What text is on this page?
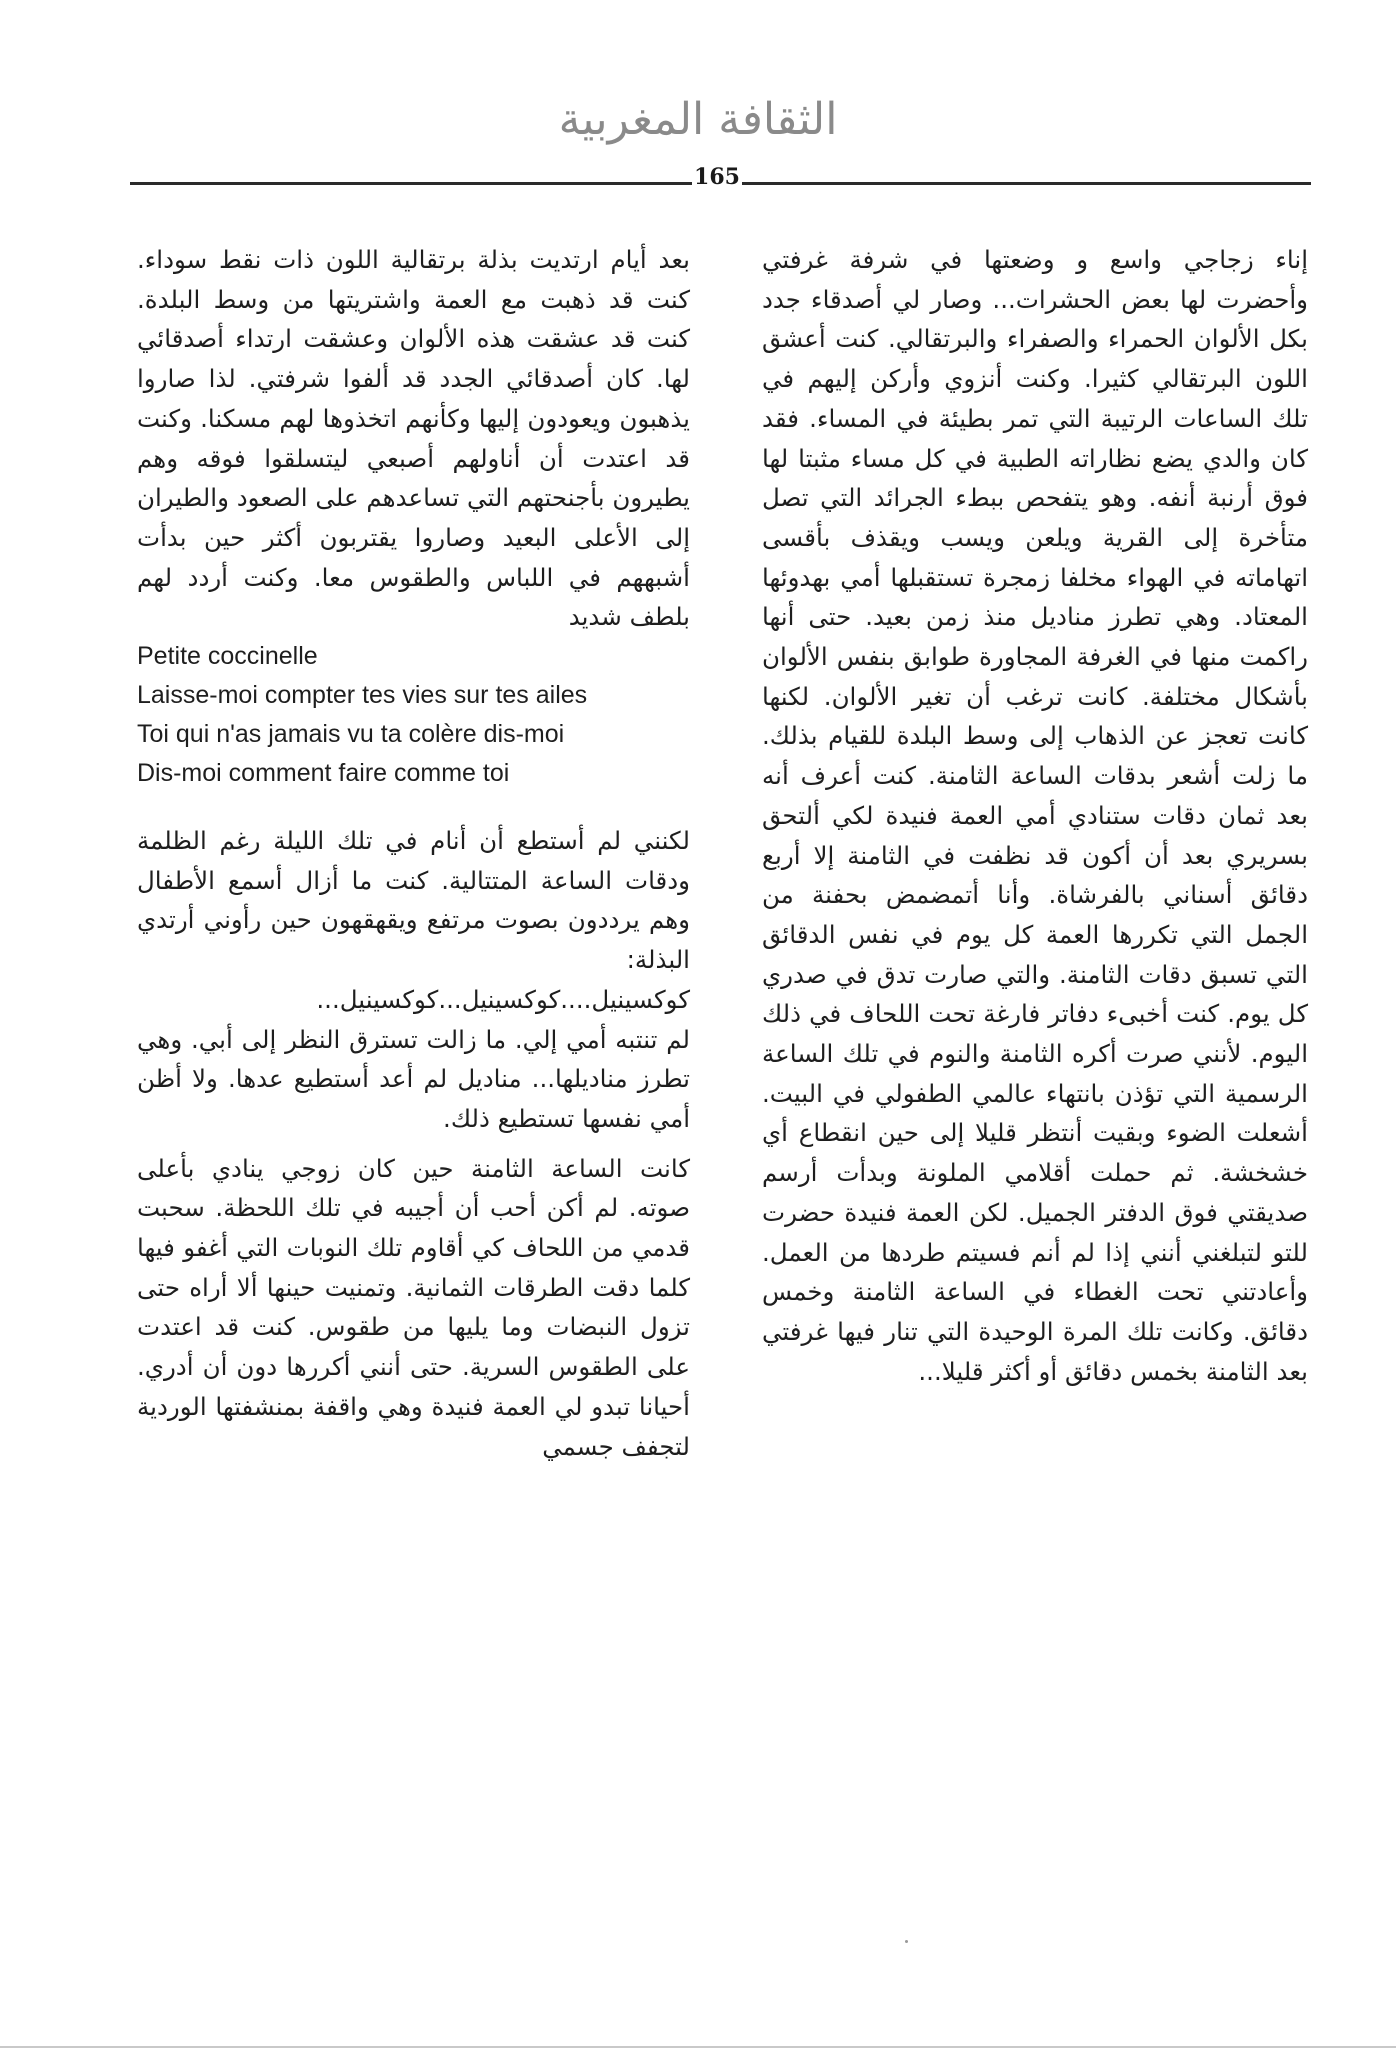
الثقافة المغربية
165

إناء زجاجي واسع و وضعتها في شرفة غرفتي وأحضرت لها بعض الحشرات... وصار لي أصدقاء جدد بكل الألوان الحمراء والصفراء والبرتقالي. كنت أعشق اللون البرتقالي كثيرا. وكنت أنزوي وأركن إليهم في تلك الساعات الرتيبة التي تمر بطيئة في المساء. فقد كان والدي يضع نظاراته الطبية في كل مساء مثبتا لها فوق أرنبة أنفه. وهو يتفحص ببطء الجرائد التي تصل متأخرة إلى القرية ويلعن ويسب ويقذف بأقسى اتهاماته في الهواء مخلفا زمجرة تستقبلها أمي بهدوئها المعتاد. وهي تطرز مناديل منذ زمن بعيد. حتى أنها راكمت منها في الغرفة المجاورة طوابق بنفس الألوان بأشكال مختلفة. كانت ترغب أن تغير الألوان. لكنها كانت تعجز عن الذهاب إلى وسط البلدة للقيام بذلك. ما زلت أشعر بدقات الساعة الثامنة. كنت أعرف أنه بعد ثمان دقات ستنادي أمي العمة فنيدة لكي ألتحق بسريري بعد أن أكون قد نظفت في الثامنة إلا أربع دقائق أسناني بالفرشاة. وأنا أتمضمض بحفنة من الجمل التي تكررها العمة كل يوم في نفس الدقائق التي تسبق دقات الثامنة. والتي صارت تدق في صدري كل يوم. كنت أخبىء دفاتر فارغة تحت اللحاف في ذلك اليوم. لأنني صرت أكره الثامنة والنوم في تلك الساعة الرسمية التي تؤذن بانتهاء عالمي الطفولي في البيت. أشعلت الضوء وبقيت أنتظر قليلا إلى حين انقطاع أي خشخشة. ثم حملت أقلامي الملونة وبدأت أرسم صديقتي فوق الدفتر الجميل. لكن العمة فنيدة حضرت للتو لتبلغني أنني إذا لم أنم فسيتم طردها من العمل. وأعادتني تحت الغطاء في الساعة الثامنة وخمس دقائق. وكانت تلك المرة الوحيدة التي تنار فيها غرفتي بعد الثامنة بخمس دقائق أو أكثر قليلا...

بعد أيام ارتديت بذلة برتقالية اللون ذات نقط سوداء. كنت قد ذهبت مع العمة واشتريتها من وسط البلدة. كنت قد عشقت هذه الألوان وعشقت ارتداء أصدقائي لها. كان أصدقائي الجدد قد ألفوا شرفتي. لذا صاروا يذهبون ويعودون إليها وكأنهم اتخذوها لهم مسكنا. وكنت قد اعتدت أن أناولهم أصبعي ليتسلقوا فوقه وهم يطيرون بأجنحتهم التي تساعدهم على الصعود والطيران إلى الأعلى البعيد وصاروا يقتربون أكثر حين بدأت أشبههم في اللباس والطقوس معا. وكنت أردد لهم بلطف شديد

Petite coccinelle
Laisse-moi compter tes vies sur tes ailes
Toi qui n'as jamais vu ta colère dis-moi
Dis-moi comment faire comme toi

لكنني لم أستطع أن أنام في تلك الليلة رغم الظلمة ودقات الساعة المتتالية. كنت ما أزال أسمع الأطفال وهم يرددون بصوت مرتفع ويقهقهون حين رأوني أرتدي البذلة:

كوكسينيل....كوكسينيل...كوكسينيل...

لم تنتبه أمي إلي. ما زالت تسترق النظر إلى أبي. وهي تطرز مناديلها... مناديل لم أعد أستطيع عدها. ولا أظن أمي نفسها تستطيع ذلك.

كانت الساعة الثامنة حين كان زوجي ينادي بأعلى صوته. لم أكن أحب أن أجيبه في تلك اللحظة. سحبت قدمي من اللحاف كي أقاوم تلك النوبات التي أغفو فيها كلما دقت الطرقات الثمانية. وتمنيت حينها ألا أراه حتى تزول النبضات وما يليها من طقوس. كنت قد اعتدت على الطقوس السرية. حتى أنني أكررها دون أن أدري. أحيانا تبدو لي العمة فنيدة وهي واقفة بمنشفتها الوردية لتجفف جسمي
